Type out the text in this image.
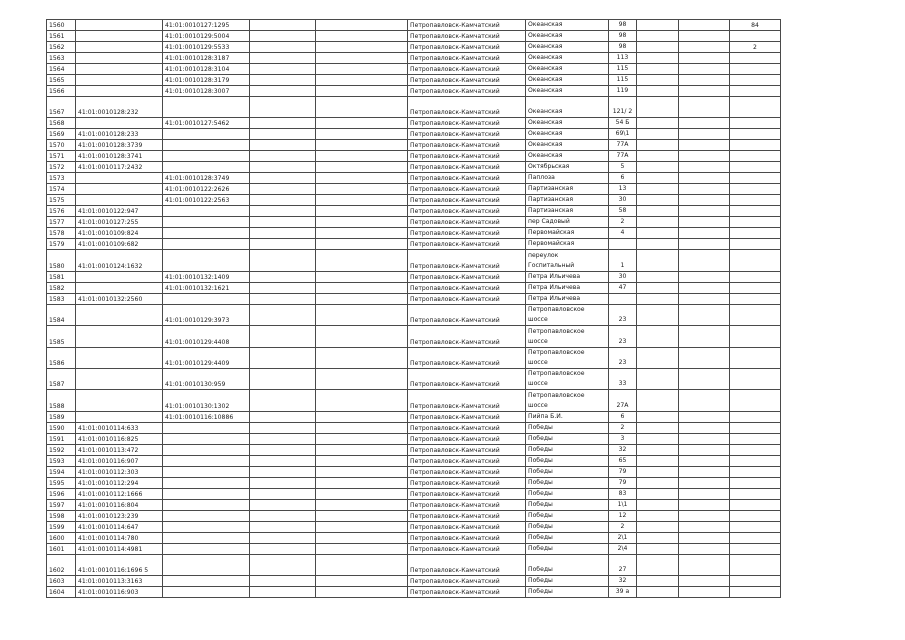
1560		41:01:0010127:1295			Петропавловск-Камчатский	Океанская	98			84
1561		41:01:0010129:5004			Петропавловск-Камчатский	Океанская	98			
1562		41:01:0010129:5533			Петропавловск-Камчатский	Океанская	98			2
1563		41:01:0010128:3187			Петропавловск-Камчатский	Океанская	113			
1564		41:01:0010128:3104			Петропавловск-Камчатский	Океанская	115			
1565		41:01:0010128:3179			Петропавловск-Камчатский	Океанская	115			
1566		41:01:0010128:3007			Петропавловск-Камчатский	Океанская	119			
1567	41:01:0010128:232				Петропавловск-Камчатский	Океанская	121/ 2			
1568		41:01:0010127:5462			Петропавловск-Камчатский	Океанская	54 Б			
1569	41:01:0010128:233				Петропавловск-Камчатский	Океанская	69\1			
1570	41:01:0010128:3739				Петропавловск-Камчатский	Океанская	77А			
1571	41:01:0010128:3741				Петропавловск-Камчатский	Океанская	77А			
1572	41:01:0010117:2432				Петропавловск-Камчатский	Октябрьская	5			
1573		41:01:0010128:3749			Петропавловск-Камчатский	Паплоза	6			
1574		41:01:0010122:2626			Петропавловск-Камчатский	Партизанская	13			
1575		41:01:0010122:2563			Петропавловск-Камчатский	Партизанская	30			
1576	41:01:0010122:947				Петропавловск-Камчатский	Партизанская	58			
1577	41:01:0010127:255				Петропавловск-Камчатский	пер Садовый	2			
1578	41:01:0010109:824				Петропавловск-Камчатский	Первомайская	4			
1579	41:01:0010109:682				Петропавловск-Камчатский	Первомайская				
1580	41:01:0010124:1632				Петропавловск-Камчатский	переулок Госпитальный	1			
1581		41:01:0010132:1409			Петропавловск-Камчатский	Петра Ильичева	30			
1582		41:01:0010132:1621			Петропавловск-Камчатский	Петра Ильичева	47			
1583	41:01:0010132:2560				Петропавловск-Камчатский	Петра Ильичева				
1584		41:01:0010129:3973			Петропавловск-Камчатский	Петропавловское шоссе	23			
1585		41:01:0010129:4408			Петропавловск-Камчатский	Петропавловское шоссе	23			
1586		41:01:0010129:4409			Петропавловск-Камчатский	Петропавловское шоссе	23			
1587		41:01:0010130:959			Петропавловск-Камчатский	Петропавловское шоссе	33			
1588		41:01:0010130:1302			Петропавловск-Камчатский	Петропавловское шоссе	27А			
1589		41:01:0010116:10886			Петропавловск-Камчатский	Пийпа Б.И.	6			
1590	41:01:0010114:633				Петропавловск-Камчатский	Победы	2			
1591	41:01:0010116:825				Петропавловск-Камчатский	Победы	3			
1592	41:01:0010113:472				Петропавловск-Камчатский	Победы	32			
1593	41:01:0010116:907				Петропавловск-Камчатский	Победы	65			
1594	41:01:0010112:303				Петропавловск-Камчатский	Победы	79			
1595	41:01:0010112:294				Петропавловск-Камчатский	Победы	79			
1596	41:01:0010112:1666				Петропавловск-Камчатский	Победы	83			
1597	41:01:0010116:804				Петропавловск-Камчатский	Победы	1\1			
1598	41:01:0010123:239				Петропавловск-Камчатский	Победы	12			
1599	41:01:0010114:647				Петропавловск-Камчатский	Победы	2			
1600	41:01:0010114:780				Петропавловск-Камчатский	Победы	2\1			
1601	41:01:0010114:4981				Петропавловск-Камчатский	Победы	2\4			
1602	41:01:0010116:1696 5				Петропавловск-Камчатский	Победы	27			
1603	41:01:0010113:3163				Петропавловск-Камчатский	Победы	32			
1604	41:01:0010116:903				Петропавловск-Камчатский	Победы	39 а			
